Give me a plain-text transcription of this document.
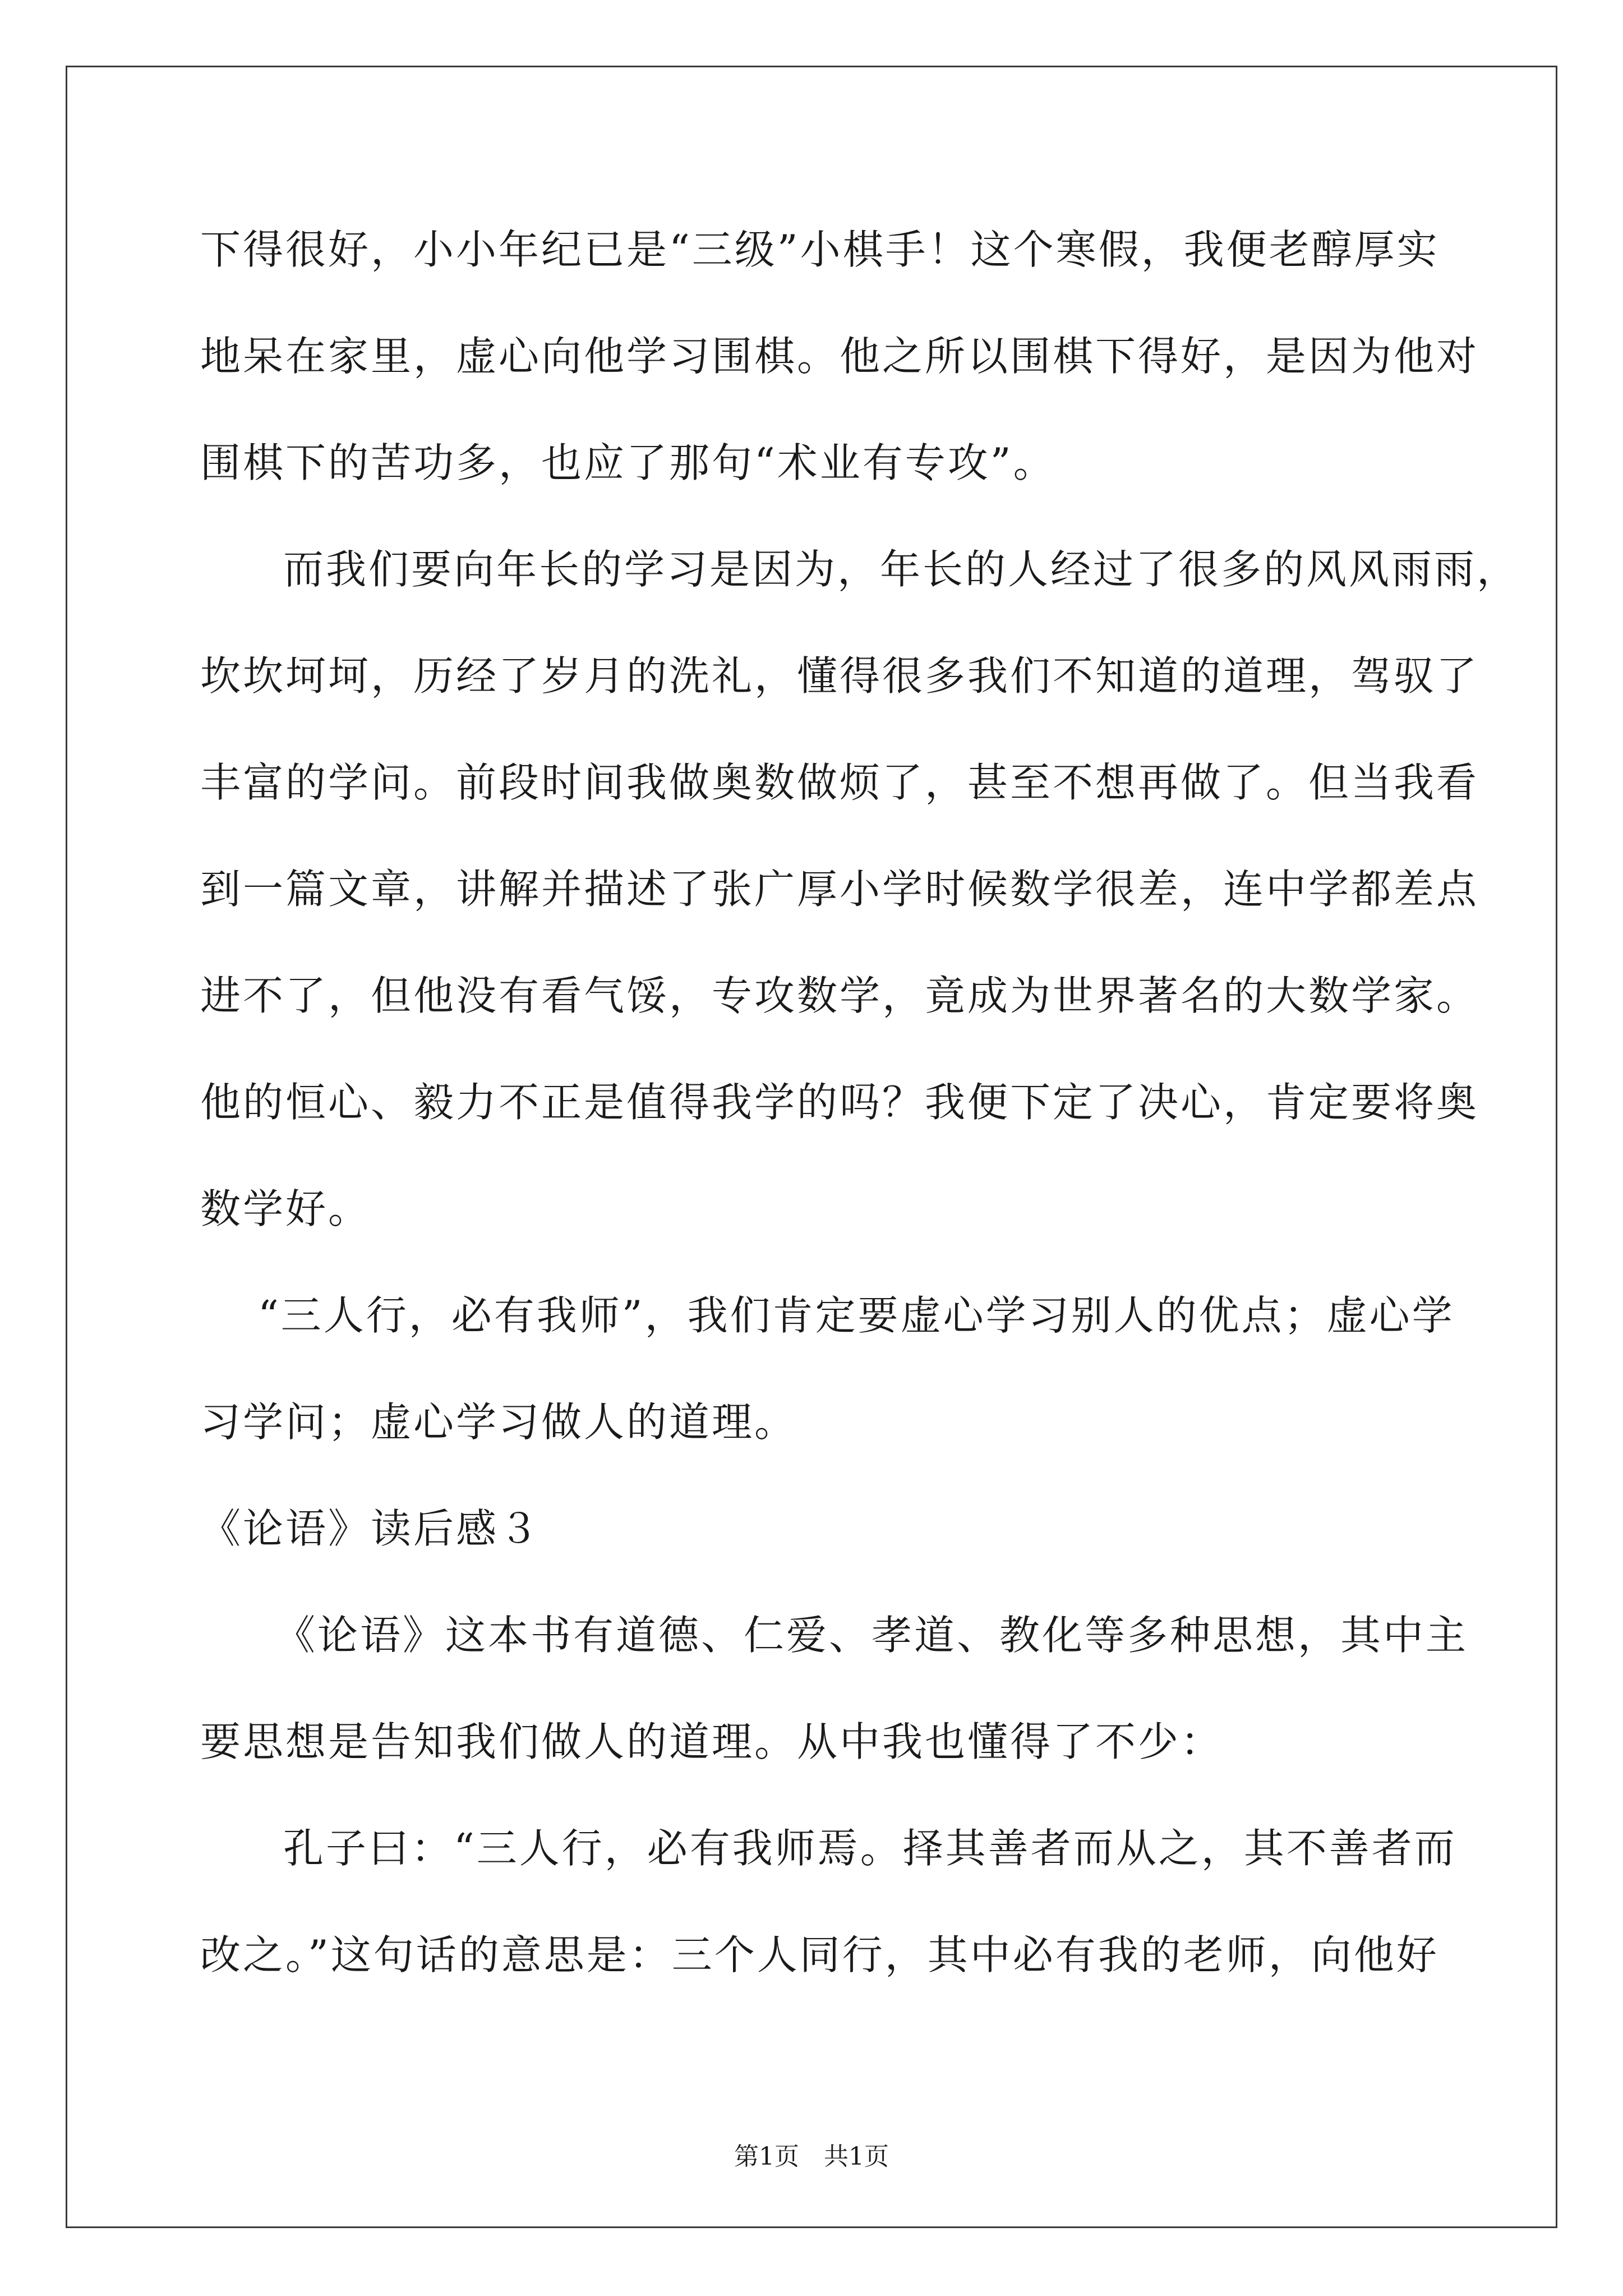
下得很好，小小年纪已是“三级”小棋手！这个寒假，我便老醇厚实
地呆在家里，虚心向他学习围棋。他之所以围棋下得好，是因为他对
围棋下的苦功多，也应了那句“术业有专攻”。
而我们要向年长的学习是因为，年长的人经过了很多的风风雨雨，
坎坎坷坷，历经了岁月的洗礼，懂得很多我们不知道的道理，驾驭了
丰富的学问。前段时间我做奥数做烦了，甚至不想再做了。但当我看
到一篇文章，讲解并描述了张广厚小学时候数学很差，连中学都差点
进不了，但他没有看气馁，专攻数学，竟成为世界著名的大数学家。
他的恒心、毅力不正是值得我学的吗？我便下定了决心，肯定要将奥
数学好。
“三人行，必有我师”，我们肯定要虚心学习别人的优点；虚心学
习学问；虚心学习做人的道理。
《论语》读后感３
《论语》这本书有道德、仁爱、孝道、教化等多种思想，其中主
要思想是告知我们做人的道理。从中我也懂得了不少：
孔子曰：“三人行，必有我师焉。择其善者而从之，其不善者而
改之。”这句话的意思是：三个人同行，其中必有我的老师，向他好
第1页　共1页
